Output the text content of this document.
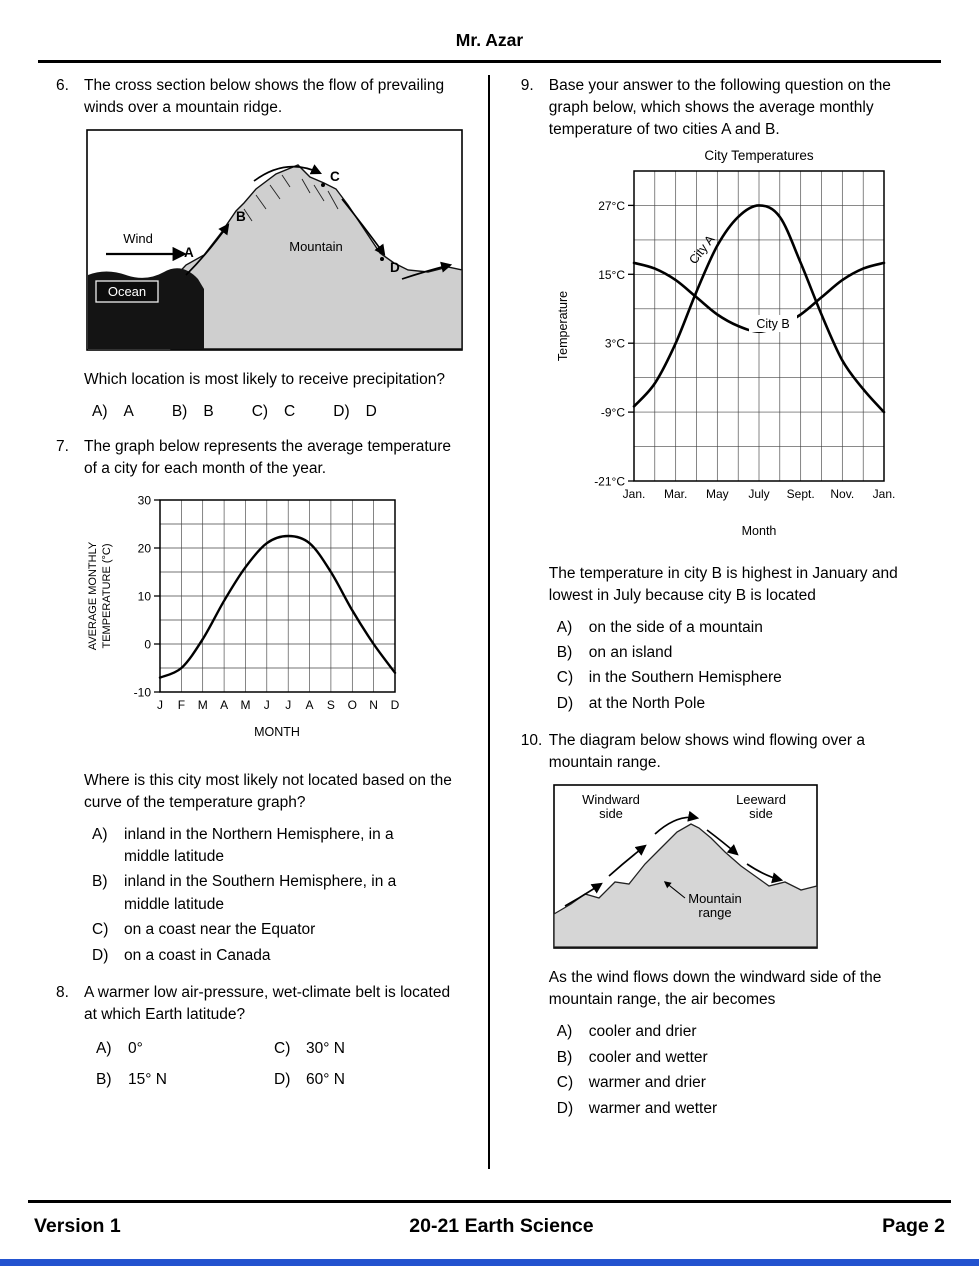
Mr. Azar
6. The cross section below shows the flow of prevailing winds over a mountain ridge.

Ocean
Wind
A
B
C
D
Mountain

Which location is most likely to receive precipitation?

A) A B) B C) C D) D
7. The graph below represents the average temperature of a city for each month of the year.

AVERAGE MONTHLY TEMPERATURE (°C)
30
20
10
0
-10
J F M A M J J A S O N D
MONTH

Where is this city most likely not located based on the curve of the temperature graph?

A)	inland in the Northern Hemisphere, in a middle latitude
B)	inland in the Southern Hemisphere, in a middle latitude
C)	on a coast near the Equator
D)	on a coast in Canada
8. A warmer low air-pressure, wet-climate belt is located at which Earth latitude?

A)	0°	C)	30° N
B)	15° N	D)	60° N
9. Base your answer to the following question on the graph below, which shows the average monthly temperature of two cities A and B.

City Temperatures
Temperature
27°C
15°C
3°C
-9°C
-21°C
Jan. Mar. May July Sept. Nov. Jan.
City A
City B
Month

The temperature in city B is highest in January and lowest in July because city B is located

A)	on the side of a mountain
B)	on an island
C)	in the Southern Hemisphere
D)	at the North Pole
10. The diagram below shows wind flowing over a mountain range.

Windward
side
Leeward
side
Mountain
range

As the wind flows down the windward side of the mountain range, the air becomes

A)	cooler and drier
B)	cooler and wetter
C)	warmer and drier
D)	warmer and wetter
Version 1	20-21 Earth Science	Page 2
